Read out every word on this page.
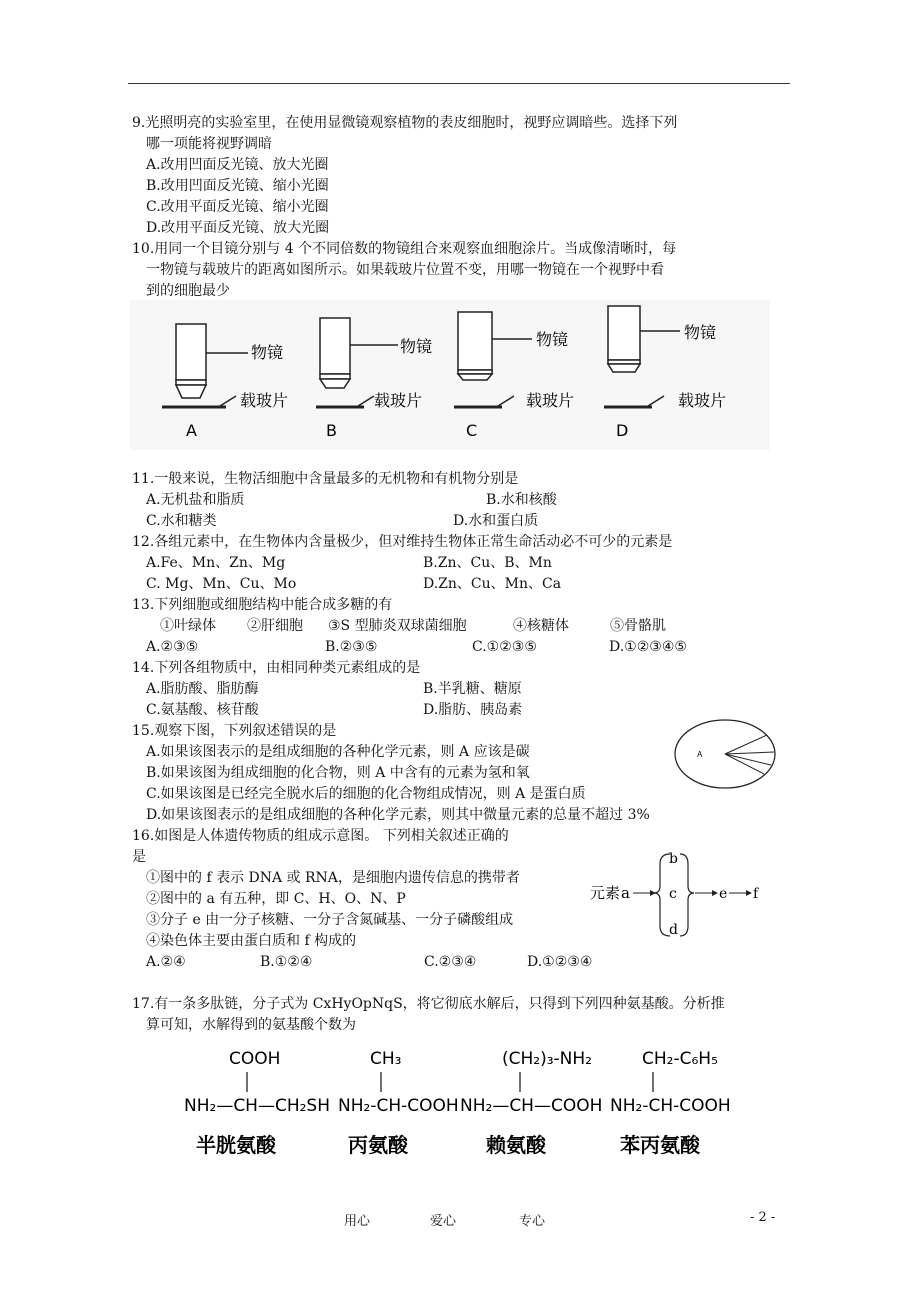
9.光照明亮的实验室里，在使用显微镜观察植物的表皮细胞时，视野应调暗些。选择下列
哪一项能将视野调暗
A.改用凹面反光镜、放大光圈
B.改用凹面反光镜、缩小光圈
C.改用平面反光镜、缩小光圈
D.改用平面反光镜、放大光圈
10.用同一个目镜分别与 4 个不同倍数的物镜组合来观察血细胞涂片。当成像清晰时，每
一物镜与载玻片的距离如图所示。如果载玻片位置不变，用哪一物镜在一个视野中看
到的细胞最少
物镜
载玻片
A
物镜
载玻片
B
物镜
载玻片
C
物镜
载玻片
D
11.一般来说，生物活细胞中含量最多的无机物和有机物分别是
A.无机盐和脂质	B.水和核酸
C.水和糖类	D.水和蛋白质
12.各组元素中，在生物体内含量极少，但对维持生物体正常生命活动必不可少的元素是
A.Fe、Mn、Zn、Mg	B.Zn、Cu、B、Mn
C. Mg、Mn、Cu、Mo	D.Zn、Cu、Mn、Ca
13.下列细胞或细胞结构中能合成多糖的有
①叶绿体 ②肝细胞 ③S 型肺炎双球菌细胞	④核糖体	⑤骨骼肌
A.②③⑤	B.②③⑤	C.①②③⑤	D.①②③④⑤
14.下列各组物质中，由相同种类元素组成的是
A.脂肪酸、脂肪酶	B.半乳糖、糖原
C.氨基酸、核苷酸	D.脂肪、胰岛素
15.观察下图，下列叙述错误的是
A.如果该图表示的是组成细胞的各种化学元素，则 A 应该是碳
B.如果该图为组成细胞的化合物，则 A 中含有的元素为氢和氧
C.如果该图是已经完全脱水后的细胞的化合物组成情况，则 A 是蛋白质
D.如果该图表示的是组成细胞的各种化学元素，则其中微量元素的总量不超过 3%
A
16.如图是人体遗传物质的组成示意图。 下列相关叙述正确的
是
①图中的 f 表示 DNA 或 RNA，是细胞内遗传信息的携带者
②图中的 a 有五种，即 C、H、O、N、P
③分子 e 由一分子核糖、一分子含氮碱基、一分子磷酸组成
④染色体主要由蛋白质和 f 构成的
A.②④	B.①②④	C.②③④	D.①②③④
元素 a
b
c
d
e f
17.有一条多肽链，分子式为 CxHyOpNqS，将它彻底水解后，只得到下列四种氨基酸。分析推
算可知，水解得到的氨基酸个数为
COOH
NH₂—CH—CH₂SH
半胱氨酸
CH₃
NH₂-CH-COOH
丙氨酸
(CH₂)₃-NH₂
NH₂—CH—COOH
赖氨酸
CH₂-C₆H₅
NH₂-CH-COOH
苯丙氨酸
用心	爱心	专心	- 2 -
